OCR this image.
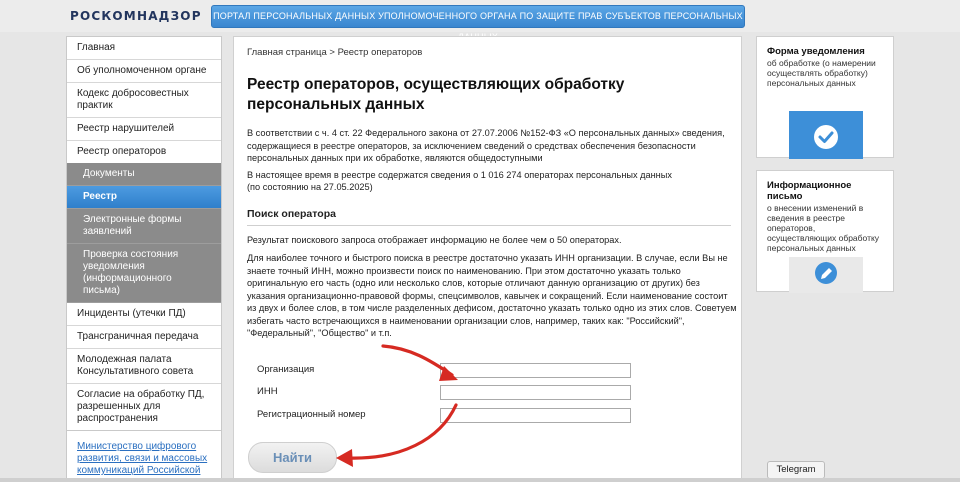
РОСКОМНАДЗОР ПОРТАЛ ПЕРСОНАЛЬНЫХ ДАННЫХ УПОЛНОМОЧЕННОГО ОРГАНА ПО ЗАЩИТЕ ПРАВ СУБЪЕКТОВ ПЕРСОНАЛЬНЫХ
Главная
Об уполномоченном органе
Кодекс добросовестных практик
Реестр нарушителей
Реестр операторов
Документы
Реестр
Электронные формы заявлений
Проверка состояния уведомления (информационного письма)
Инциденты (утечки ПД)
Трансграничная передача
Молодежная палата Консультативного совета
Согласие на обработку ПД, разрешенных для распространения
Министерство цифрового развития, связи и массовых коммуникаций Российской
Главная страница > Реестр операторов
Реестр операторов, осуществляющих обработку персональных данных
В соответствии с ч. 4 ст. 22 Федерального закона от 27.07.2006 №152-ФЗ «О персональных данных» сведения, содержащиеся в реестре операторов, за исключением сведений о средствах обеспечения безопасности персональных данных при их обработке, являются общедоступными
В настоящее время в реестре содержатся сведения о 1 016 274 операторах персональных данных
(по состоянию на 27.05.2025)
Поиск оператора
Результат поискового запроса отображает информацию не более чем о 50 операторах.
Для наиболее точного и быстрого поиска в реестре достаточно указать ИНН организации. В случае, если Вы не знаете точный ИНН, можно произвести поиск по наименованию. При этом достаточно указать только оригинальную его часть (одно или несколько слов, которые отличают данную организацию от других) без указания организационно-правовой формы, спецсимволов, кавычек и сокращений. Если наименование состоит из двух и более слов, в том числе разделенных дефисом, достаточно указать только одно из этих слов. Советуем избегать часто встречающихся в наименовании организации слов, например, таких как: "Российский", "Федеральный", "Общество" и т.п.
Организация
ИНН
Регистрационный номер
Найти
Форма уведомления
об обработке (о намерении осуществлять обработку) персональных данных
Информационное письмо
о внесении изменений в сведения в реестре операторов, осуществляющих обработку персональных данных
Telegram
